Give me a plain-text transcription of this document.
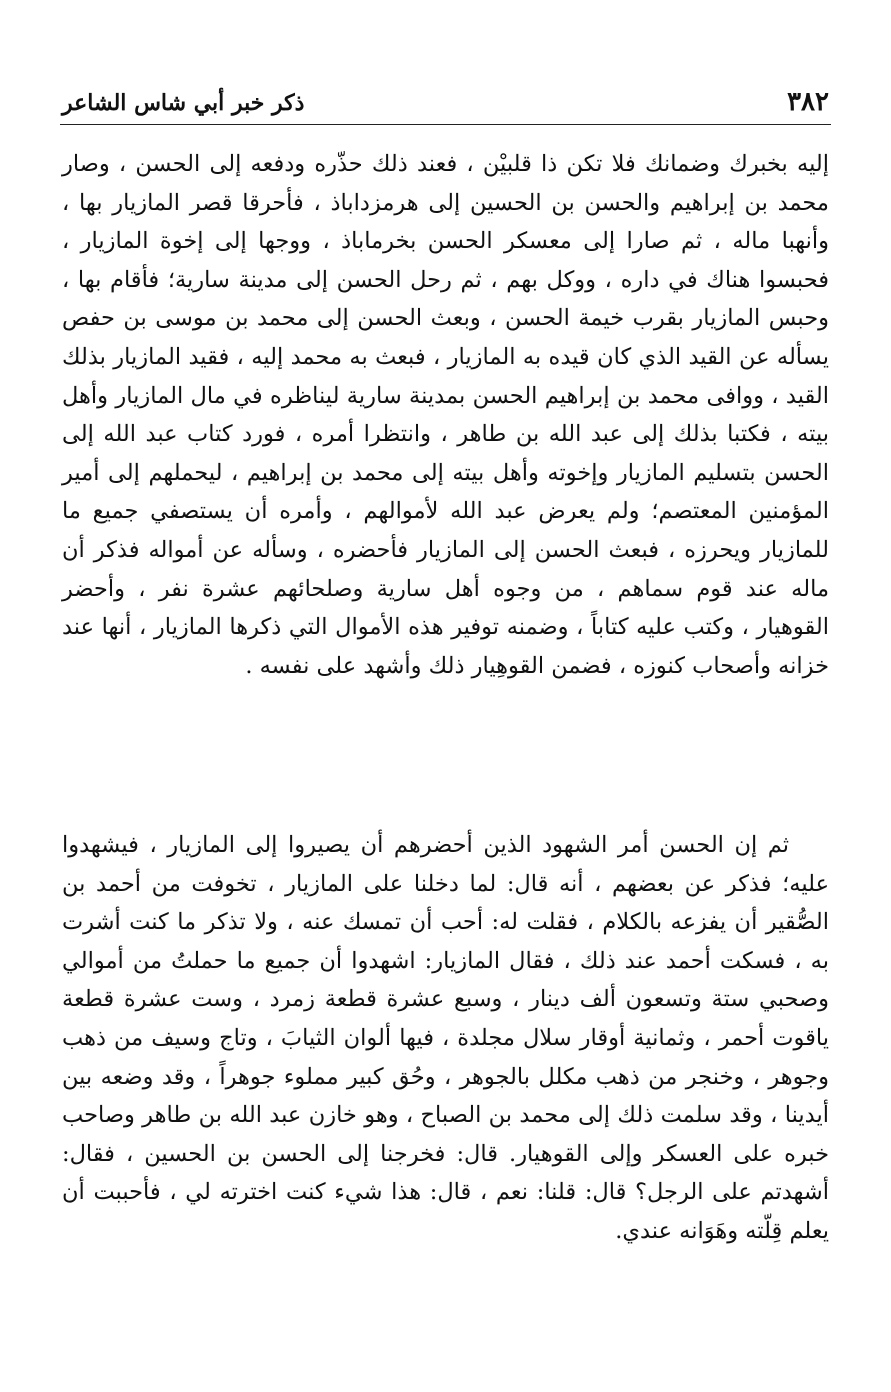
٣٨٢
ذكر خبر أبي شاس الشاعر

إليه بخبرك وضمانك فلا تكن ذا قلبيْن ، فعند ذلك حذّره ودفعه إلى الحسن ، وصار محمد بن إبراهيم والحسن بن الحسين إلى هرمزداباذ ، فأحرقا قصر المازيار بها ، وأنهبا ماله ، ثم صارا إلى معسكر الحسن بخرماباذ ، ووجها إلى إخوة المازيار ، فحبسوا هناك في داره ، ووكل بهم ، ثم رحل الحسن إلى مدينة سارية؛ فأقام بها ، وحبس المازيار بقرب خيمة الحسن ، وبعث الحسن إلى محمد بن موسى بن حفص يسأله عن القيد الذي كان قيده به المازيار ، فبعث به محمد إليه ، فقيد المازيار بذلك القيد ، ووافى محمد بن إبراهيم الحسن بمدينة سارية ليناظره في مال المازيار وأهل بيته ، فكتبا بذلك إلى عبد الله بن طاهر ، وانتظرا أمره ، فورد كتاب عبد الله إلى الحسن بتسليم المازيار وإخوته وأهل بيته إلى محمد بن إبراهيم ، ليحملهم إلى أمير المؤمنين المعتصم؛ ولم يعرض عبد الله لأموالهم ، وأمره أن يستصفي جميع ما للمازيار ويحرزه ، فبعث الحسن إلى المازيار فأحضره ، وسأله عن أمواله فذكر أن ماله عند قوم سماهم ، من وجوه أهل سارية وصلحائهم عشرة نفر ، وأحضر القوهيار ، وكتب عليه كتاباً ، وضمنه توفير هذه الأموال التي ذكرها المازيار ، أنها عند خزانه وأصحاب كنوزه ، فضمن القوهِيار ذلك وأشهد على نفسه .

ثم إن الحسن أمر الشهود الذين أحضرهم أن يصيروا إلى المازيار ، فيشهدوا عليه؛ فذكر عن بعضهم ، أنه قال: لما دخلنا على المازيار ، تخوفت من أحمد بن الصُّقير أن يفزعه بالكلام ، فقلت له: أحب أن تمسك عنه ، ولا تذكر ما كنت أشرت به ، فسكت أحمد عند ذلك ، فقال المازيار: اشهدوا أن جميع ما حملتُ من أموالي وصحبي ستة وتسعون ألف دينار ، وسبع عشرة قطعة زمرد ، وست عشرة قطعة ياقوت أحمر ، وثمانية أوقار سلال مجلدة ، فيها ألوان الثيابَ ، وتاج وسيف من ذهب وجوهر ، وخنجر من ذهب مكلل بالجوهر ، وحُق كبير مملوء جوهراً ، وقد وضعه بين أيدينا ، وقد سلمت ذلك إلى محمد بن الصباح ، وهو خازن عبد الله بن طاهر وصاحب خبره على العسكر وإلى القوهيار. قال: فخرجنا إلى الحسن بن الحسين ، فقال: أشهدتم على الرجل؟ قال: قلنا: نعم ، قال: هذا شيء كنت اخترته لي ، فأحببت أن يعلم قِلّته وهَوَانه عندي.
